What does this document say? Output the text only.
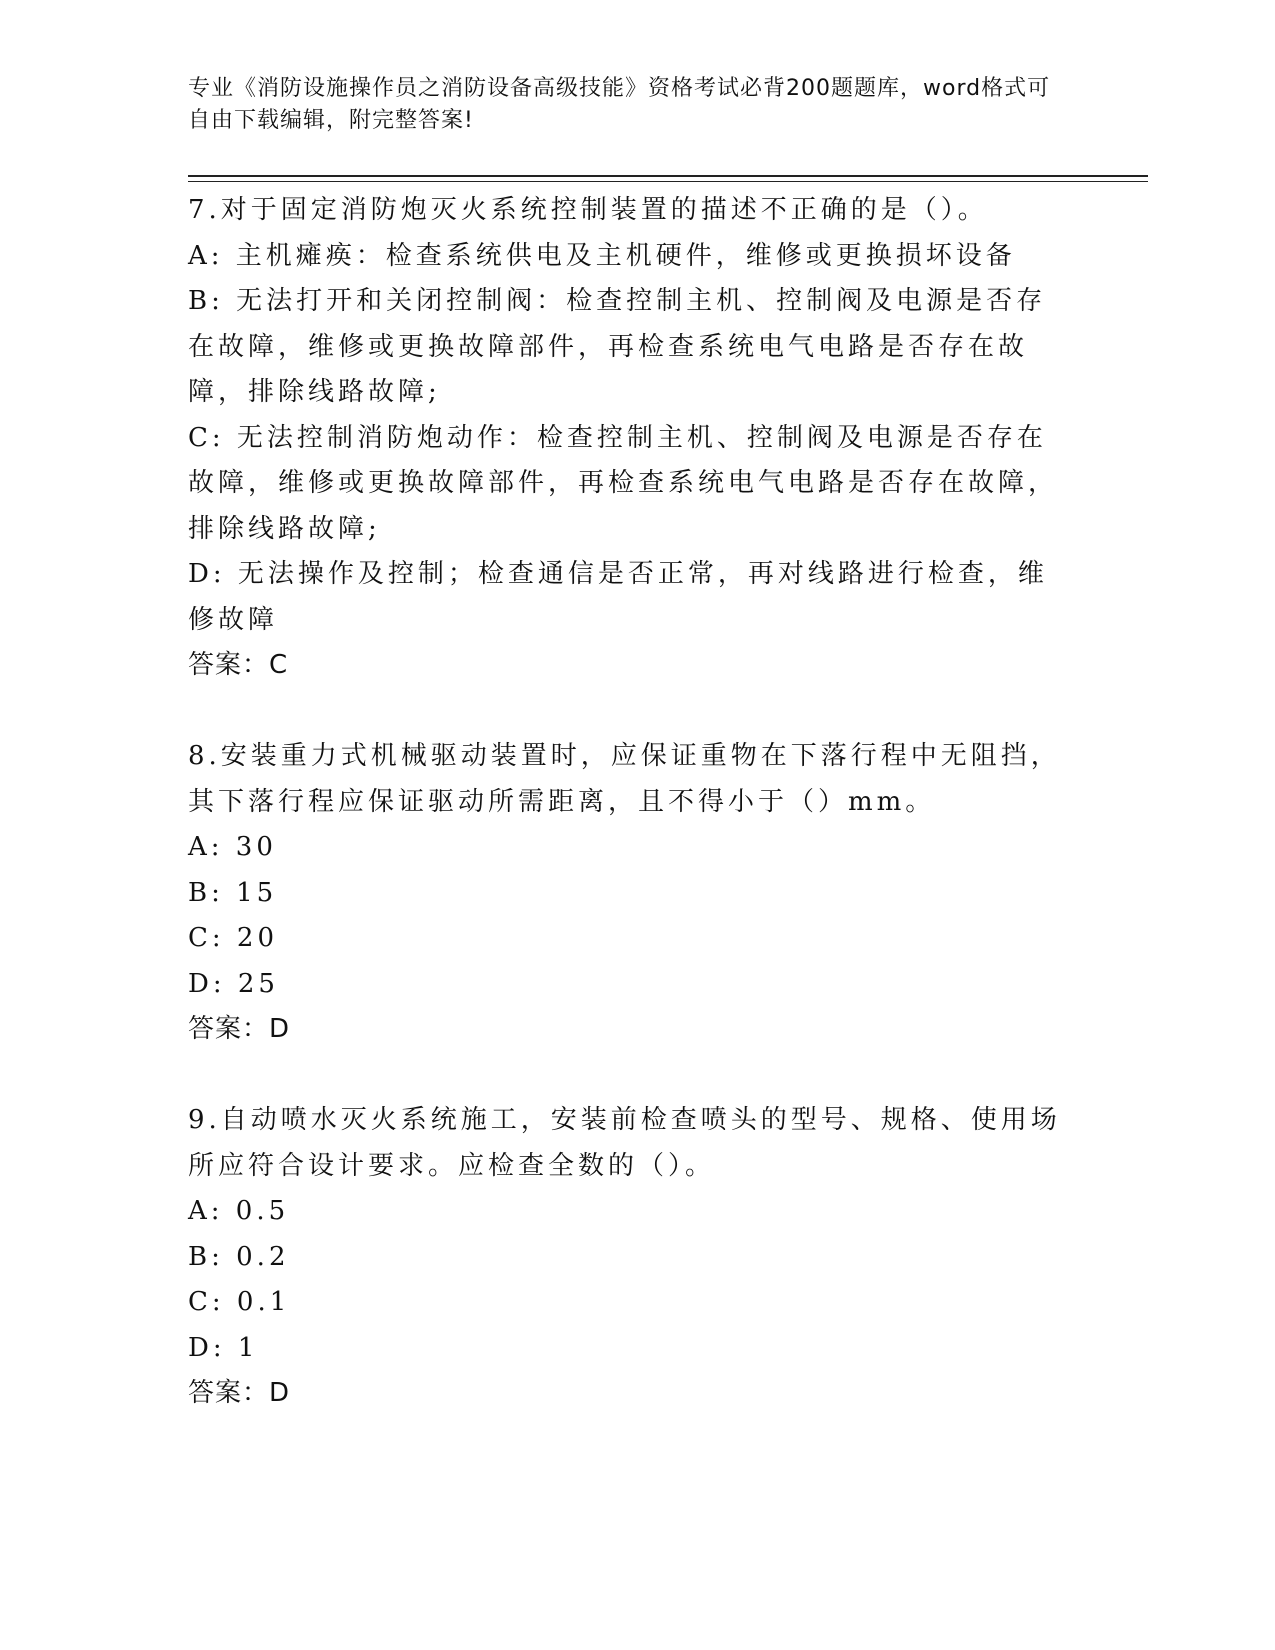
专业《消防设施操作员之消防设备高级技能》资格考试必背200题题库，word格式可自由下载编辑，附完整答案!
7.对于固定消防炮灭火系统控制装置的描述不正确的是（）。
A: 主机瘫痪：检查系统供电及主机硬件，维修或更换损坏设备
B: 无法打开和关闭控制阀：检查控制主机、控制阀及电源是否存在故障，维修或更换故障部件，再检查系统电气电路是否存在故障，排除线路故障;
C: 无法控制消防炮动作：检查控制主机、控制阀及电源是否存在故障，维修或更换故障部件，再检查系统电气电路是否存在故障，排除线路故障;
D: 无法操作及控制；检查通信是否正常，再对线路进行检查，维修故障
答案：C
8.安装重力式机械驱动装置时，应保证重物在下落行程中无阻挡，其下落行程应保证驱动所需距离，且不得小于（）mm。
A: 30
B: 15
C: 20
D: 25
答案：D
9.自动喷水灭火系统施工，安装前检查喷头的型号、规格、使用场所应符合设计要求。应检查全数的（）。
A: 0.5
B: 0.2
C: 0.1
D: 1
答案：D
